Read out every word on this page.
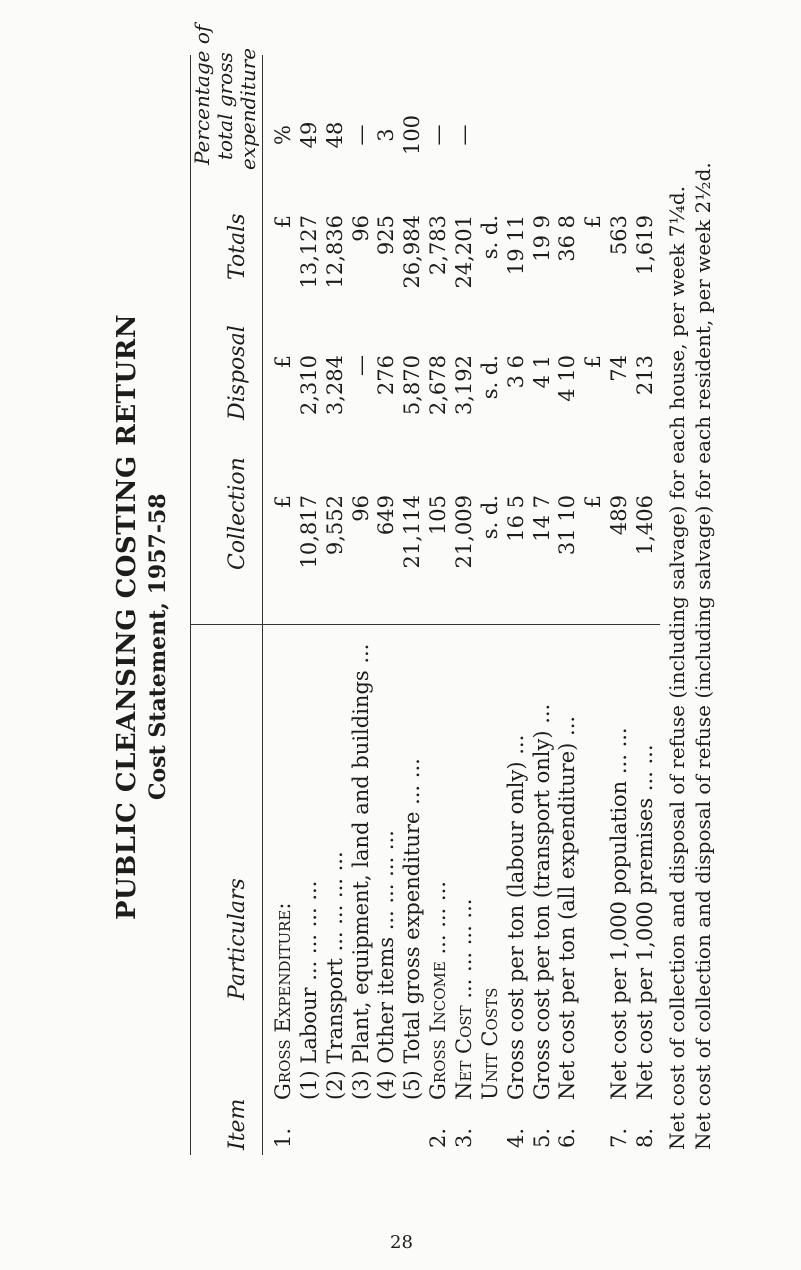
PUBLIC CLEANSING COSTING RETURN Cost Statement, 1957-58
Item
Particulars
Collection
Disposal
Totals
Percentage of total gross expenditure
1.
Gross Expenditure:
£
£
£
%
(1) Labour ... ... ... ...
10,817
2,310
13,127
49
(2) Transport ... ... ... ...
9,552
3,284
12,836
48
(3) Plant, equipment, land and buildings ...
96
—
96
—
(4) Other items ... ... ... ...
649
276
925
3
(5) Total gross expenditure ... ...
21,114
5,870
26,984
100
2.
Gross Income ... ... ...
105
2,678
2,783
—
3.
Net Cost ... ... ... ...
21,009
3,192
24,201
—
Unit Costs
s. d.
s. d.
s. d.
4.
Gross cost per ton (labour only) ...
16 5
3 6
19 11
5.
Gross cost per ton (transport only) ...
14 7
4 1
19 9
6.
Net cost per ton (all expenditure) ...
31 10
4 10
36 8
£
£
£
7.
Net cost per 1,000 population ... ...
489
74
563
8.
Net cost per 1,000 premises ... ...
1,406
213
1,619 Net cost of collection and disposal of refuse (including salvage) for each house, per week 7¼d. Net cost of collection and disposal of refuse (including salvage) for each resident, per week 2½d.
28
